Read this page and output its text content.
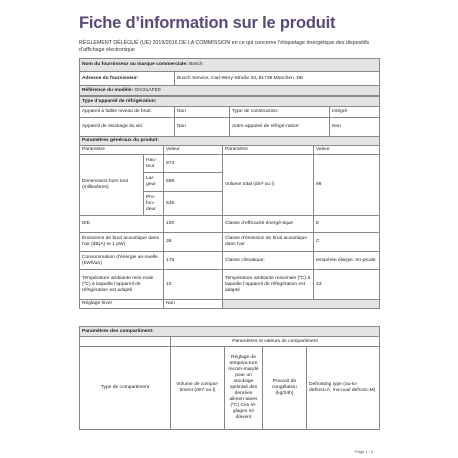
Fiche d’information sur le produit
RÈGLEMENT DÉLÉGUÉ (UE) 2019/2016 DE LA COMMISSION en ce qui concerne l’étiquetage énergétique des dispositifs d’affichage électronique
Nom du fournisseur ou marque commerciale: Bosch
Adresse du fournisseur:	Bosch Service, Carl-Wery-Straße 34, 81739 München, DE
Référence du modèle: GIV21AFE0
Type d’appareil de réfrigération:			
Appareil à faible niveau de bruit:	Non	Type de construction:	Intégré
Appareil de stockage du vin:	Non	Autre appareil de réfrigé-ration:	Non
Paramètres généraux du produit:				
Paramètre		Valeur	Paramètre	Valeur
Dimensions hors tout (millimètres)	Hau-teur	874	Volume total (dm³ ou l)	96
	Lar-geur	558		
	Pro-fon-deur	545		
IEE		100	Classe d’efficacité énergé-tique	E
Émissions de bruit acoustique dans l’air (dB(A) re 1 pW)		36	Classe d’émission de bruit acoustique dans l’air	C
Consommation d’énergie an-nuelle (kWh/an)		176	Classe climatique:	tempérée élargie, tro-picale
Température ambiante mini-male (ºC) à laquelle l’appareil de réfrigération est adapté		10	Température ambiante maximale (ºC) à laquelle l’appareil de réfrigération est adapté	43
Réglage hiver		Non		
Paramètres des compartiment:				
	Paramètres et valeurs de compartiment			
Type de compartiment	Volume de compar-timent (dm³ ou l)	Réglage de tempéra-ture recom-mandé pour un stockage optimisé des denrées alimen-taires (ºC) Ces ré-glages ne doivent	Pouvoir de congélation (kg/24h)	Defrosting type (au-to-defrost=A, ma-nual defrost=M)
Page 1 / 2
